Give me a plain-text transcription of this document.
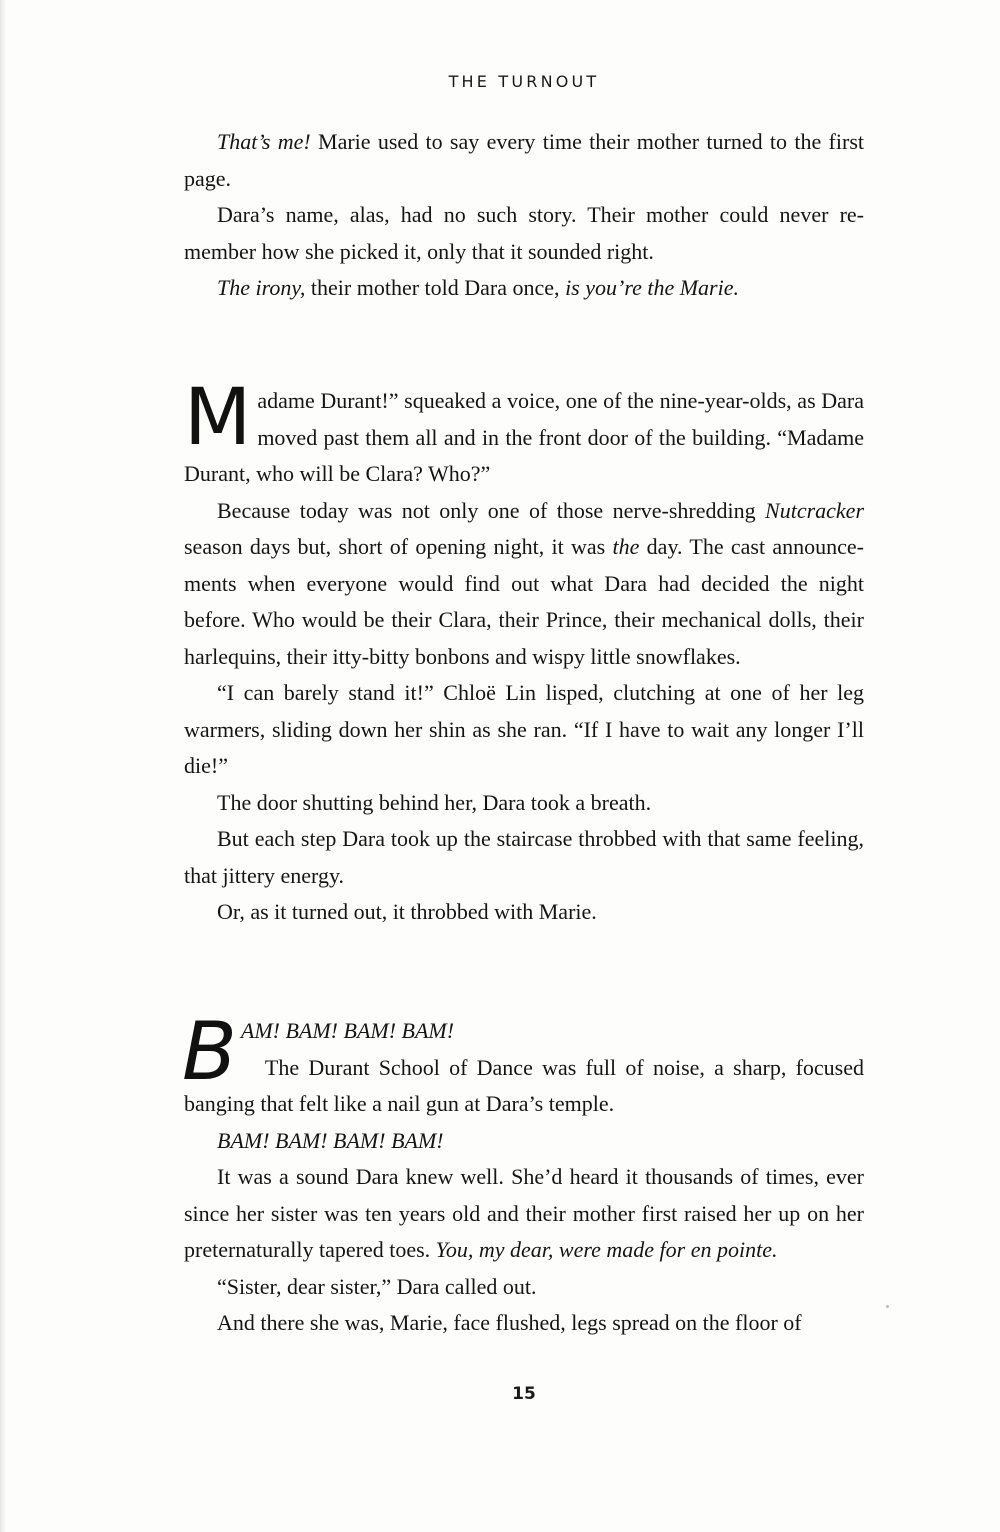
THE TURNOUT

That’s me! Marie used to say every time their mother turned to the first page.

Dara’s name, alas, had no such story. Their mother could never remember how she picked it, only that it sounded right.

The irony, their mother told Dara once, is you’re the Marie.

Madame Durant!” squeaked a voice, one of the nine-year-olds, as Dara moved past them all and in the front door of the building. “Madame Durant, who will be Clara? Who?”

Because today was not only one of those nerve-shredding Nutcracker season days but, short of opening night, it was the day. The cast announcements when everyone would find out what Dara had decided the night before. Who would be their Clara, their Prince, their mechanical dolls, their harlequins, their itty-bitty bonbons and wispy little snowflakes.

“I can barely stand it!” Chloë Lin lisped, clutching at one of her leg warmers, sliding down her shin as she ran. “If I have to wait any longer I’ll die!”

The door shutting behind her, Dara took a breath.

But each step Dara took up the staircase throbbed with that same feeling, that jittery energy.

Or, as it turned out, it throbbed with Marie.

B AM! BAM! BAM! BAM!
The Durant School of Dance was full of noise, a sharp, focused banging that felt like a nail gun at Dara’s temple.

BAM! BAM! BAM! BAM!

It was a sound Dara knew well. She’d heard it thousands of times, ever since her sister was ten years old and their mother first raised her up on her preternaturally tapered toes. You, my dear, were made for en pointe.

“Sister, dear sister,” Dara called out.

And there she was, Marie, face flushed, legs spread on the floor of

15
